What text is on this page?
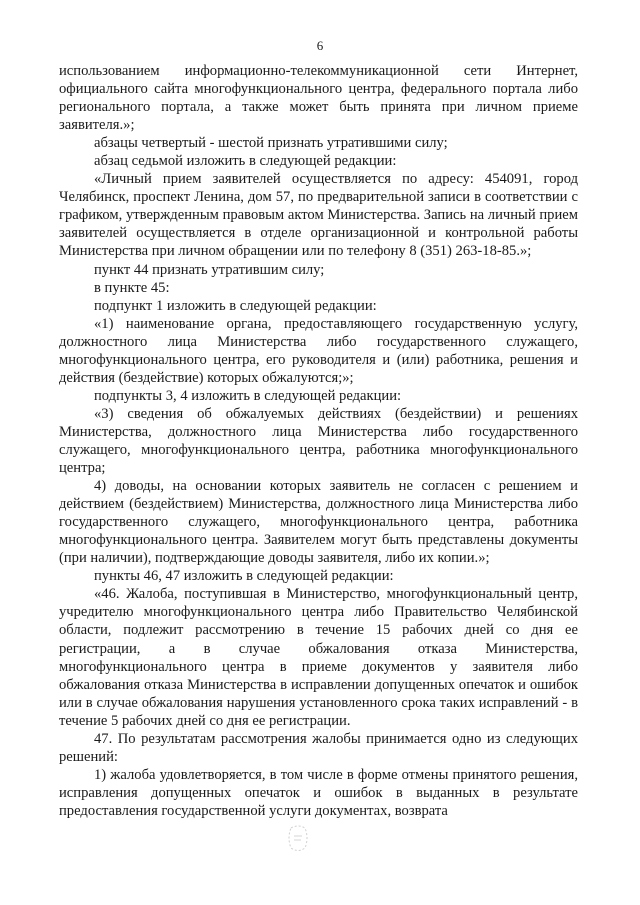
6

использованием информационно-телекоммуникационной сети Интернет, официального сайта многофункционального центра, федерального портала либо регионального портала, а также может быть принята при личном приеме заявителя.»;

абзацы четвертый - шестой признать утратившими силу;

абзац седьмой изложить в следующей редакции:

«Личный прием заявителей осуществляется по адресу: 454091, город Челябинск, проспект Ленина, дом 57, по предварительной записи в соответствии с графиком, утвержденным правовым актом Министерства. Запись на личный прием заявителей осуществляется в отделе организационной и контрольной работы Министерства при личном обращении или по телефону 8 (351) 263-18-85.»;

пункт 44 признать утратившим силу;

в пункте 45:

подпункт 1 изложить в следующей редакции:

«1) наименование органа, предоставляющего государственную услугу, должностного лица Министерства либо государственного служащего, многофункционального центра, его руководителя и (или) работника, решения и действия (бездействие) которых обжалуются;»;

подпункты 3, 4 изложить в следующей редакции:

«3) сведения об обжалуемых действиях (бездействии) и решениях Министерства, должностного лица Министерства либо государственного служащего, многофункционального центра, работника многофункционального центра;

4) доводы, на основании которых заявитель не согласен с решением и действием (бездействием) Министерства, должностного лица Министерства либо государственного служащего, многофункционального центра, работника многофункционального центра. Заявителем могут быть представлены документы (при наличии), подтверждающие доводы заявителя, либо их копии.»;

пункты 46, 47 изложить в следующей редакции:

«46. Жалоба, поступившая в Министерство, многофункциональный центр, учредителю многофункционального центра либо Правительство Челябинской области, подлежит рассмотрению в течение 15 рабочих дней со дня ее регистрации, а в случае обжалования отказа Министерства, многофункционального центра в приеме документов у заявителя либо обжалования отказа Министерства в исправлении допущенных опечаток и ошибок или в случае обжалования нарушения установленного срока таких исправлений - в течение 5 рабочих дней со дня ее регистрации.

47. По результатам рассмотрения жалобы принимается одно из следующих решений:

1) жалоба удовлетворяется, в том числе в форме отмены принятого решения, исправления допущенных опечаток и ошибок в выданных в результате предоставления государственной услуги документах, возврата
